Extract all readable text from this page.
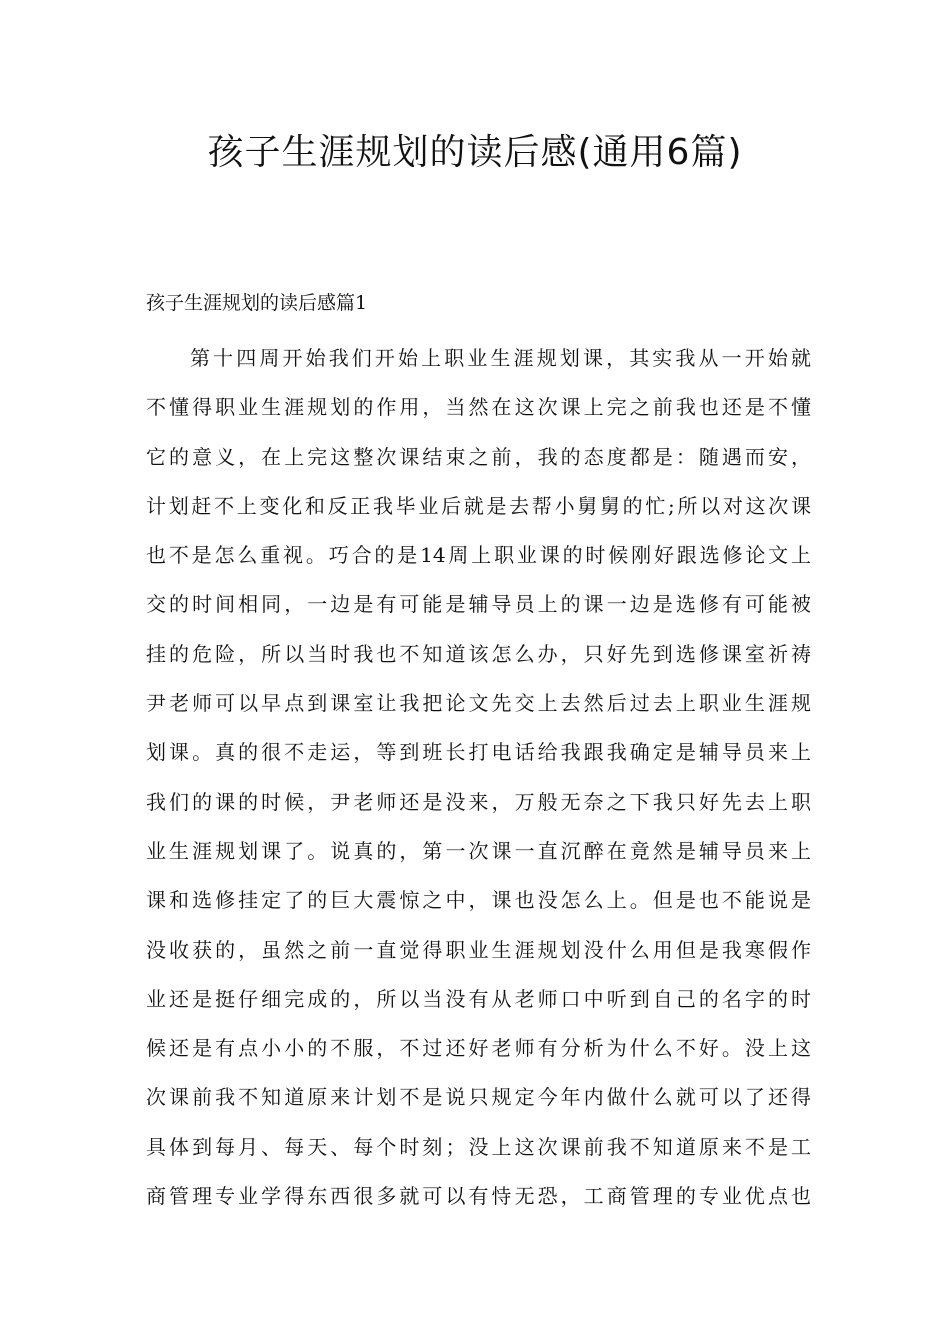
孩子生涯规划的读后感(通用6篇)
孩子生涯规划的读后感篇1
第十四周开始我们开始上职业生涯规划课，其实我从一开始就
不懂得职业生涯规划的作用，当然在这次课上完之前我也还是不懂
它的意义，在上完这整次课结束之前，我的态度都是：随遇而安，
计划赶不上变化和反正我毕业后就是去帮小舅舅的忙;所以对这次课
也不是怎么重视。巧合的是14周上职业课的时候刚好跟选修论文上
交的时间相同，一边是有可能是辅导员上的课一边是选修有可能被
挂的危险，所以当时我也不知道该怎么办，只好先到选修课室祈祷
尹老师可以早点到课室让我把论文先交上去然后过去上职业生涯规
划课。真的很不走运，等到班长打电话给我跟我确定是辅导员来上
我们的课的时候，尹老师还是没来，万般无奈之下我只好先去上职
业生涯规划课了。说真的，第一次课一直沉醉在竟然是辅导员来上
课和选修挂定了的巨大震惊之中，课也没怎么上。但是也不能说是
没收获的，虽然之前一直觉得职业生涯规划没什么用但是我寒假作
业还是挺仔细完成的，所以当没有从老师口中听到自己的名字的时
候还是有点小小的不服，不过还好老师有分析为什么不好。没上这
次课前我不知道原来计划不是说只规定今年内做什么就可以了还得
具体到每月、每天、每个时刻；没上这次课前我不知道原来不是工
商管理专业学得东西很多就可以有恃无恐，工商管理的专业优点也
